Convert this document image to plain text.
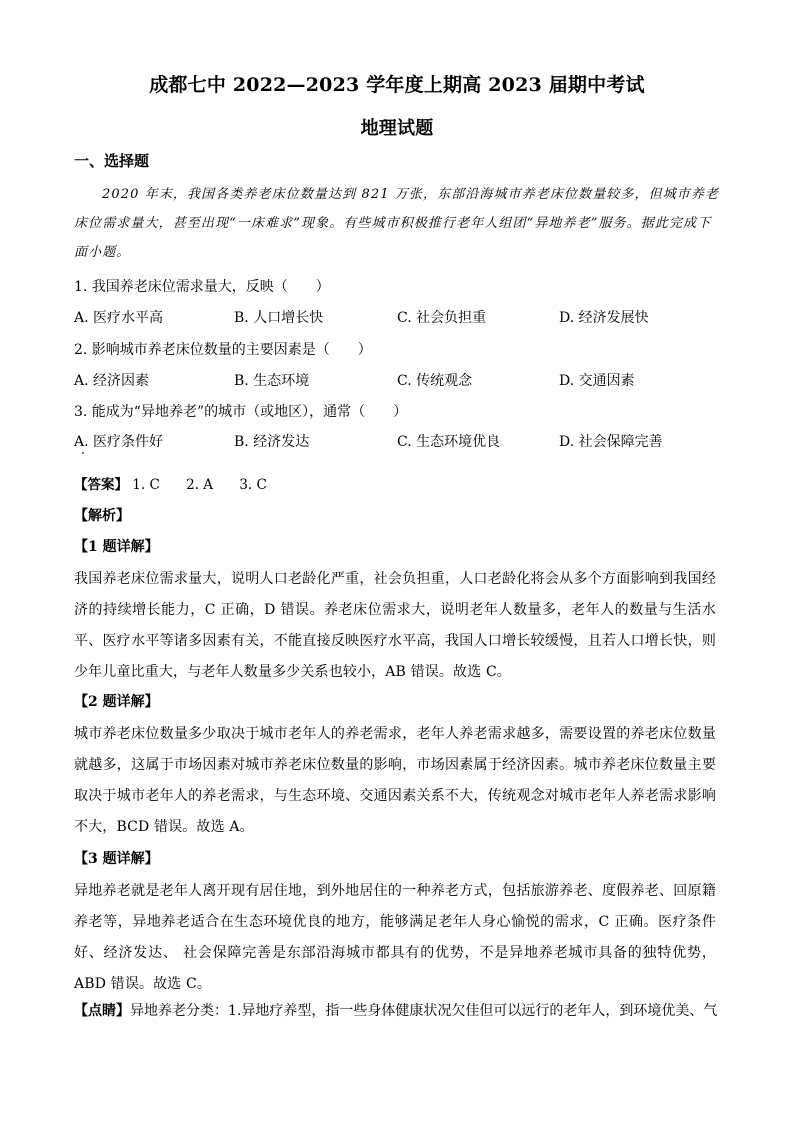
成都七中 2022—2023 学年度上期高 2023 届期中考试
地理试题
一、选择题
2020 年末，我国各类养老床位数量达到 821 万张，东部沿海城市养老床位数量较多，但城市养老床位需求量大，甚至出现“一床难求”现象。有些城市积极推行老年人组团“异地养老”服务。据此完成下面小题。
1. 我国养老床位需求量大，反映（　　）
A. 医疗水平高	B. 人口增长快	C. 社会负担重	D. 经济发展快
2. 影响城市养老床位数量的主要因素是（　　）
A. 经济因素	B. 生态环境	C. 传统观念	D. 交通因素
3. 能成为“异地养老”的城市（或地区），通常（　　）
A. 医疗条件好	B. 经济发达	C. 生态环境优良	D. 社会保障完善
【答案】 1. C 2. A 3. C
【解析】
【1 题详解】
我国养老床位需求量大，说明人口老龄化严重，社会负担重，人口老龄化将会从多个方面影响到我国经济的持续增长能力，C 正确，D 错误。养老床位需求大，说明老年人数量多，老年人的数量与生活水平、医疗水平等诸多因素有关，不能直接反映医疗水平高，我国人口增长较缓慢，且若人口增长快，则少年儿童比重大，与老年人数量多少关系也较小，AB 错误。故选 C。
【2 题详解】
城市养老床位数量多少取决于城市老年人的养老需求，老年人养老需求越多，需要设置的养老床位数量就越多，这属于市场因素对城市养老床位数量的影响，市场因素属于经济因素。城市养老床位数量主要取决于城市老年人的养老需求，与生态环境、交通因素关系不大，传统观念对城市老年人养老需求影响不大，BCD 错误。故选 A。
【3 题详解】
异地养老就是老年人离开现有居住地，到外地居住的一种养老方式，包括旅游养老、度假养老、回原籍养老等，异地养老适合在生态环境优良的地方，能够满足老年人身心愉悦的需求，C 正确。医疗条件好、经济发达、 社会保障完善是东部沿海城市都具有的优势，不是异地养老城市具备的独特优势，ABD 错误。故选 C。
【点睛】异地养老分类：1.异地疗养型，指一些身体健康状况欠佳但可以远行的老年人，到环境优美、气
